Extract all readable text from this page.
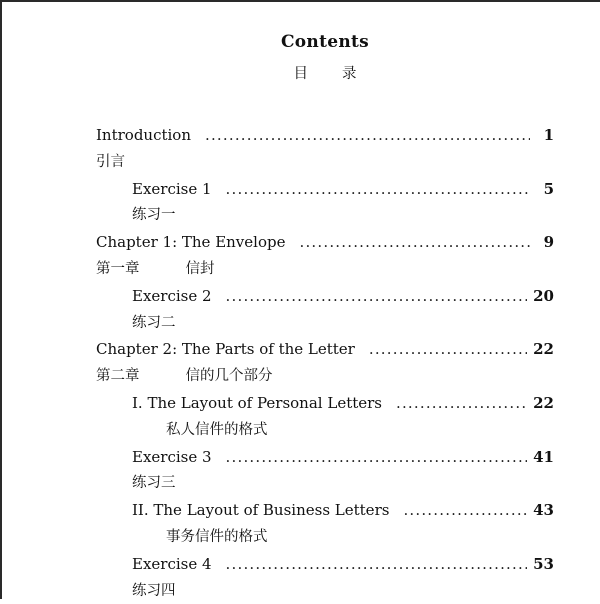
Contents
目录
Introduction .....	1
引言
Exercise 1 .....	5
练习一
Chapter 1: The Envelope .....	9
第一章	信封
Exercise 2 .....	20
练习二
Chapter 2: The Parts of the Letter .....	22
第二章	信的几个部分
I. The Layout of Personal Letters .....	22
私人信件的格式
Exercise 3 .....	41
练习三
II. The Layout of Business Letters .....	43
事务信件的格式
Exercise 4 .....	53
练习四
